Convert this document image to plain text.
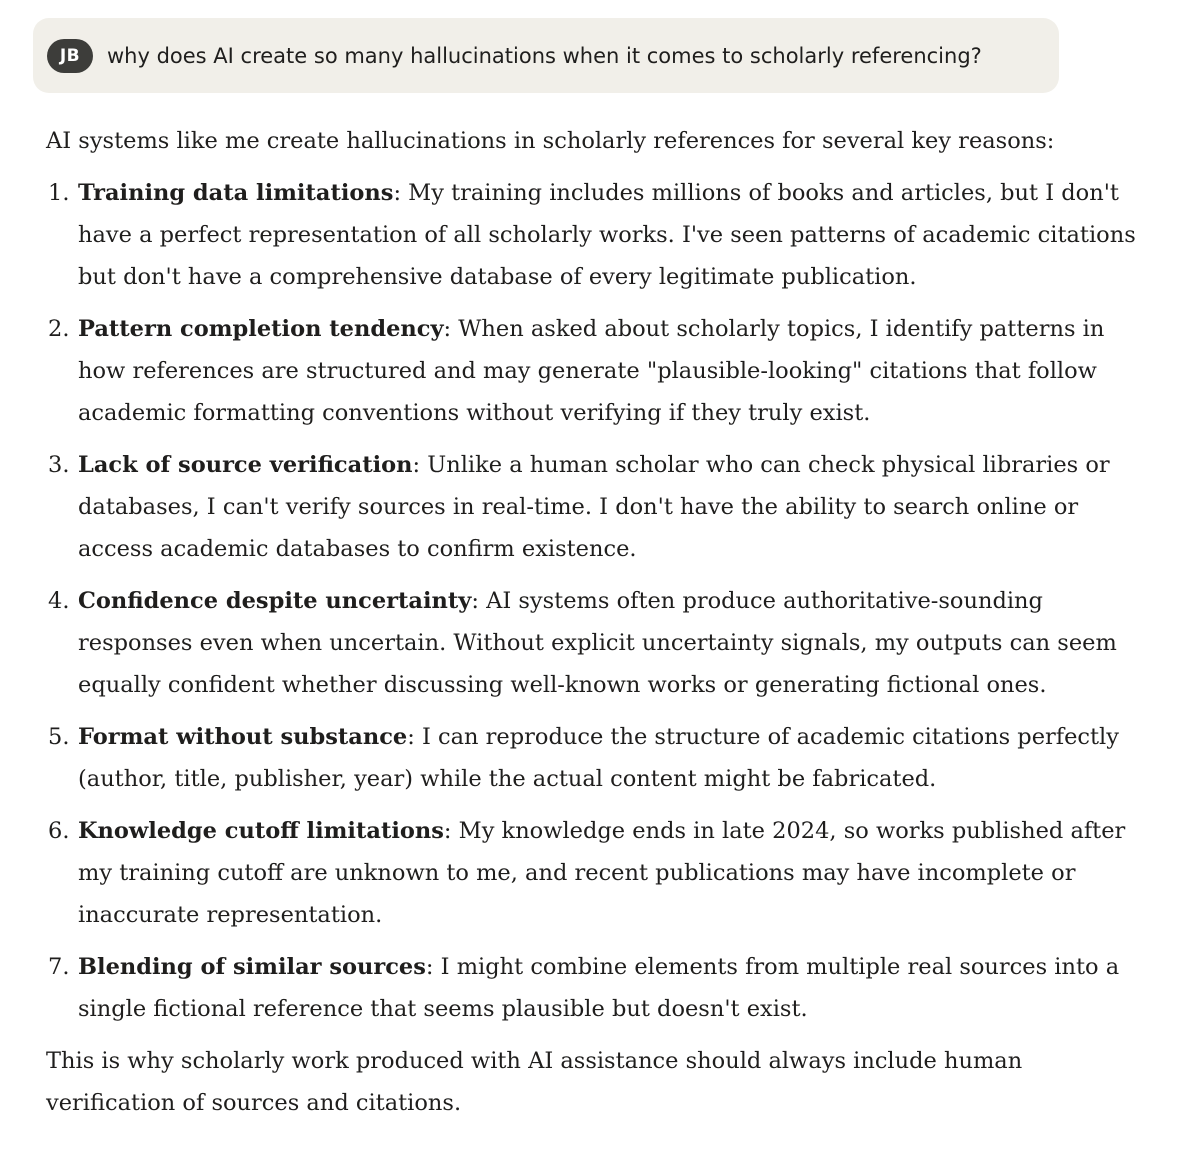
JB	why does AI create so many hallucinations when it comes to scholarly referencing?

AI systems like me create hallucinations in scholarly references for several key reasons:

1. Training data limitations: My training includes millions of books and articles, but I don't have a perfect representation of all scholarly works. I've seen patterns of academic citations but don't have a comprehensive database of every legitimate publication.
2. Pattern completion tendency: When asked about scholarly topics, I identify patterns in how references are structured and may generate "plausible-looking" citations that follow academic formatting conventions without verifying if they truly exist.
3. Lack of source verification: Unlike a human scholar who can check physical libraries or databases, I can't verify sources in real-time. I don't have the ability to search online or access academic databases to confirm existence.
4. Confidence despite uncertainty: AI systems often produce authoritative-sounding responses even when uncertain. Without explicit uncertainty signals, my outputs can seem equally confident whether discussing well-known works or generating fictional ones.
5. Format without substance: I can reproduce the structure of academic citations perfectly (author, title, publisher, year) while the actual content might be fabricated.
6. Knowledge cutoff limitations: My knowledge ends in late 2024, so works published after my training cutoff are unknown to me, and recent publications may have incomplete or inaccurate representation.
7. Blending of similar sources: I might combine elements from multiple real sources into a single fictional reference that seems plausible but doesn't exist.

This is why scholarly work produced with AI assistance should always include human verification of sources and citations.
